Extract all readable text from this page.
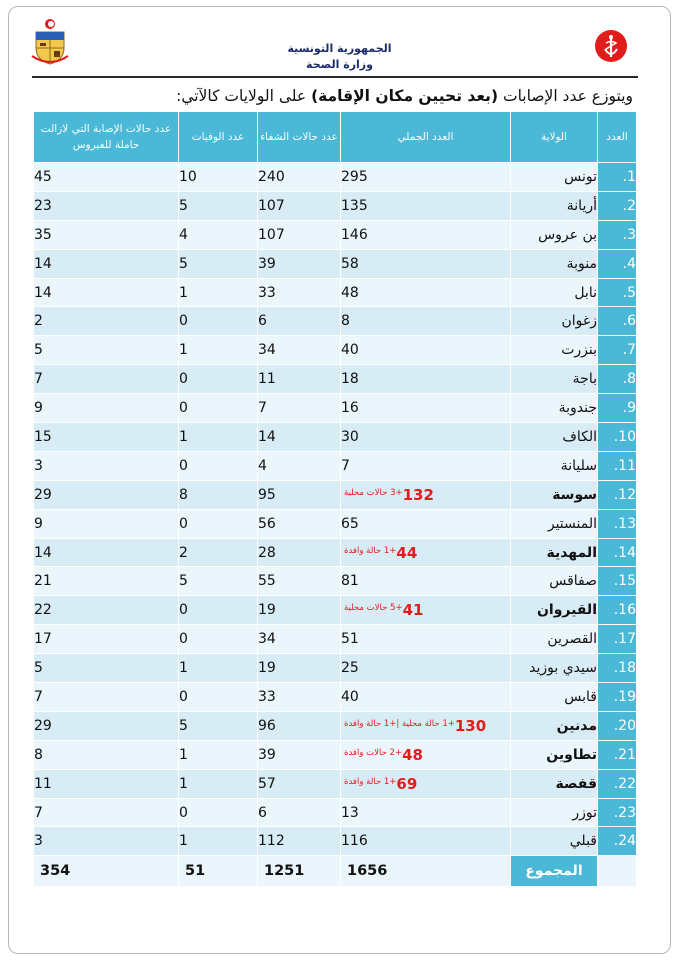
الجمهورية التونسية
وزارة الصحة
ويتوزع عدد الإصابات (بعد تحيين مكان الإقامة) على الولايات كالآتي:
العدد	الولاية	العدد الجملي	عدد حالات الشفاء	عدد الوفيات	عدد حالات الإصابة التي لازالت حاملة للفيروس
1.	تونس	295	240	10	45
2.	أريانة	135	107	5	23
3.	بن عروس	146	107	4	35
4.	منوبة	58	39	5	14
5.	نابل	48	33	1	14
6.	زغوان	8	6	0	2
7.	بنزرت	40	34	1	5
8.	باجة	18	11	0	7
9.	جندوبة	16	7	0	9
10.	الكاف	30	14	1	15
11.	سليانة	7	4	0	3
12.	سوسة	132$^{+3 حالات محلية}$	95	8	29
13.	المنستير	65	56	0	9
14.	المهدية	44$^{+1 حالة وافدة}$	28	2	14
15.	صفاقس	81	55	5	21
16.	القيروان	41$^{+5 حالات محلية}$	19	0	22
17.	القصرين	51	34	0	17
18.	سيدي بوزيد	25	19	1	5
19.	قابس	40	33	0	7
20.	مدنين	130$^{+1 حالة محلية |+1 حالة وافدة}$	96	5	29
21.	تطاوين	48$^{+2 حالات وافدة}$	39	1	8
22.	قفصة	69$^{+1 حالة وافدة}$	57	1	11
23.	توزر	13	6	0	7
24.	قبلي	116	112	1	3
	المجموع	1656	1251	51	354
